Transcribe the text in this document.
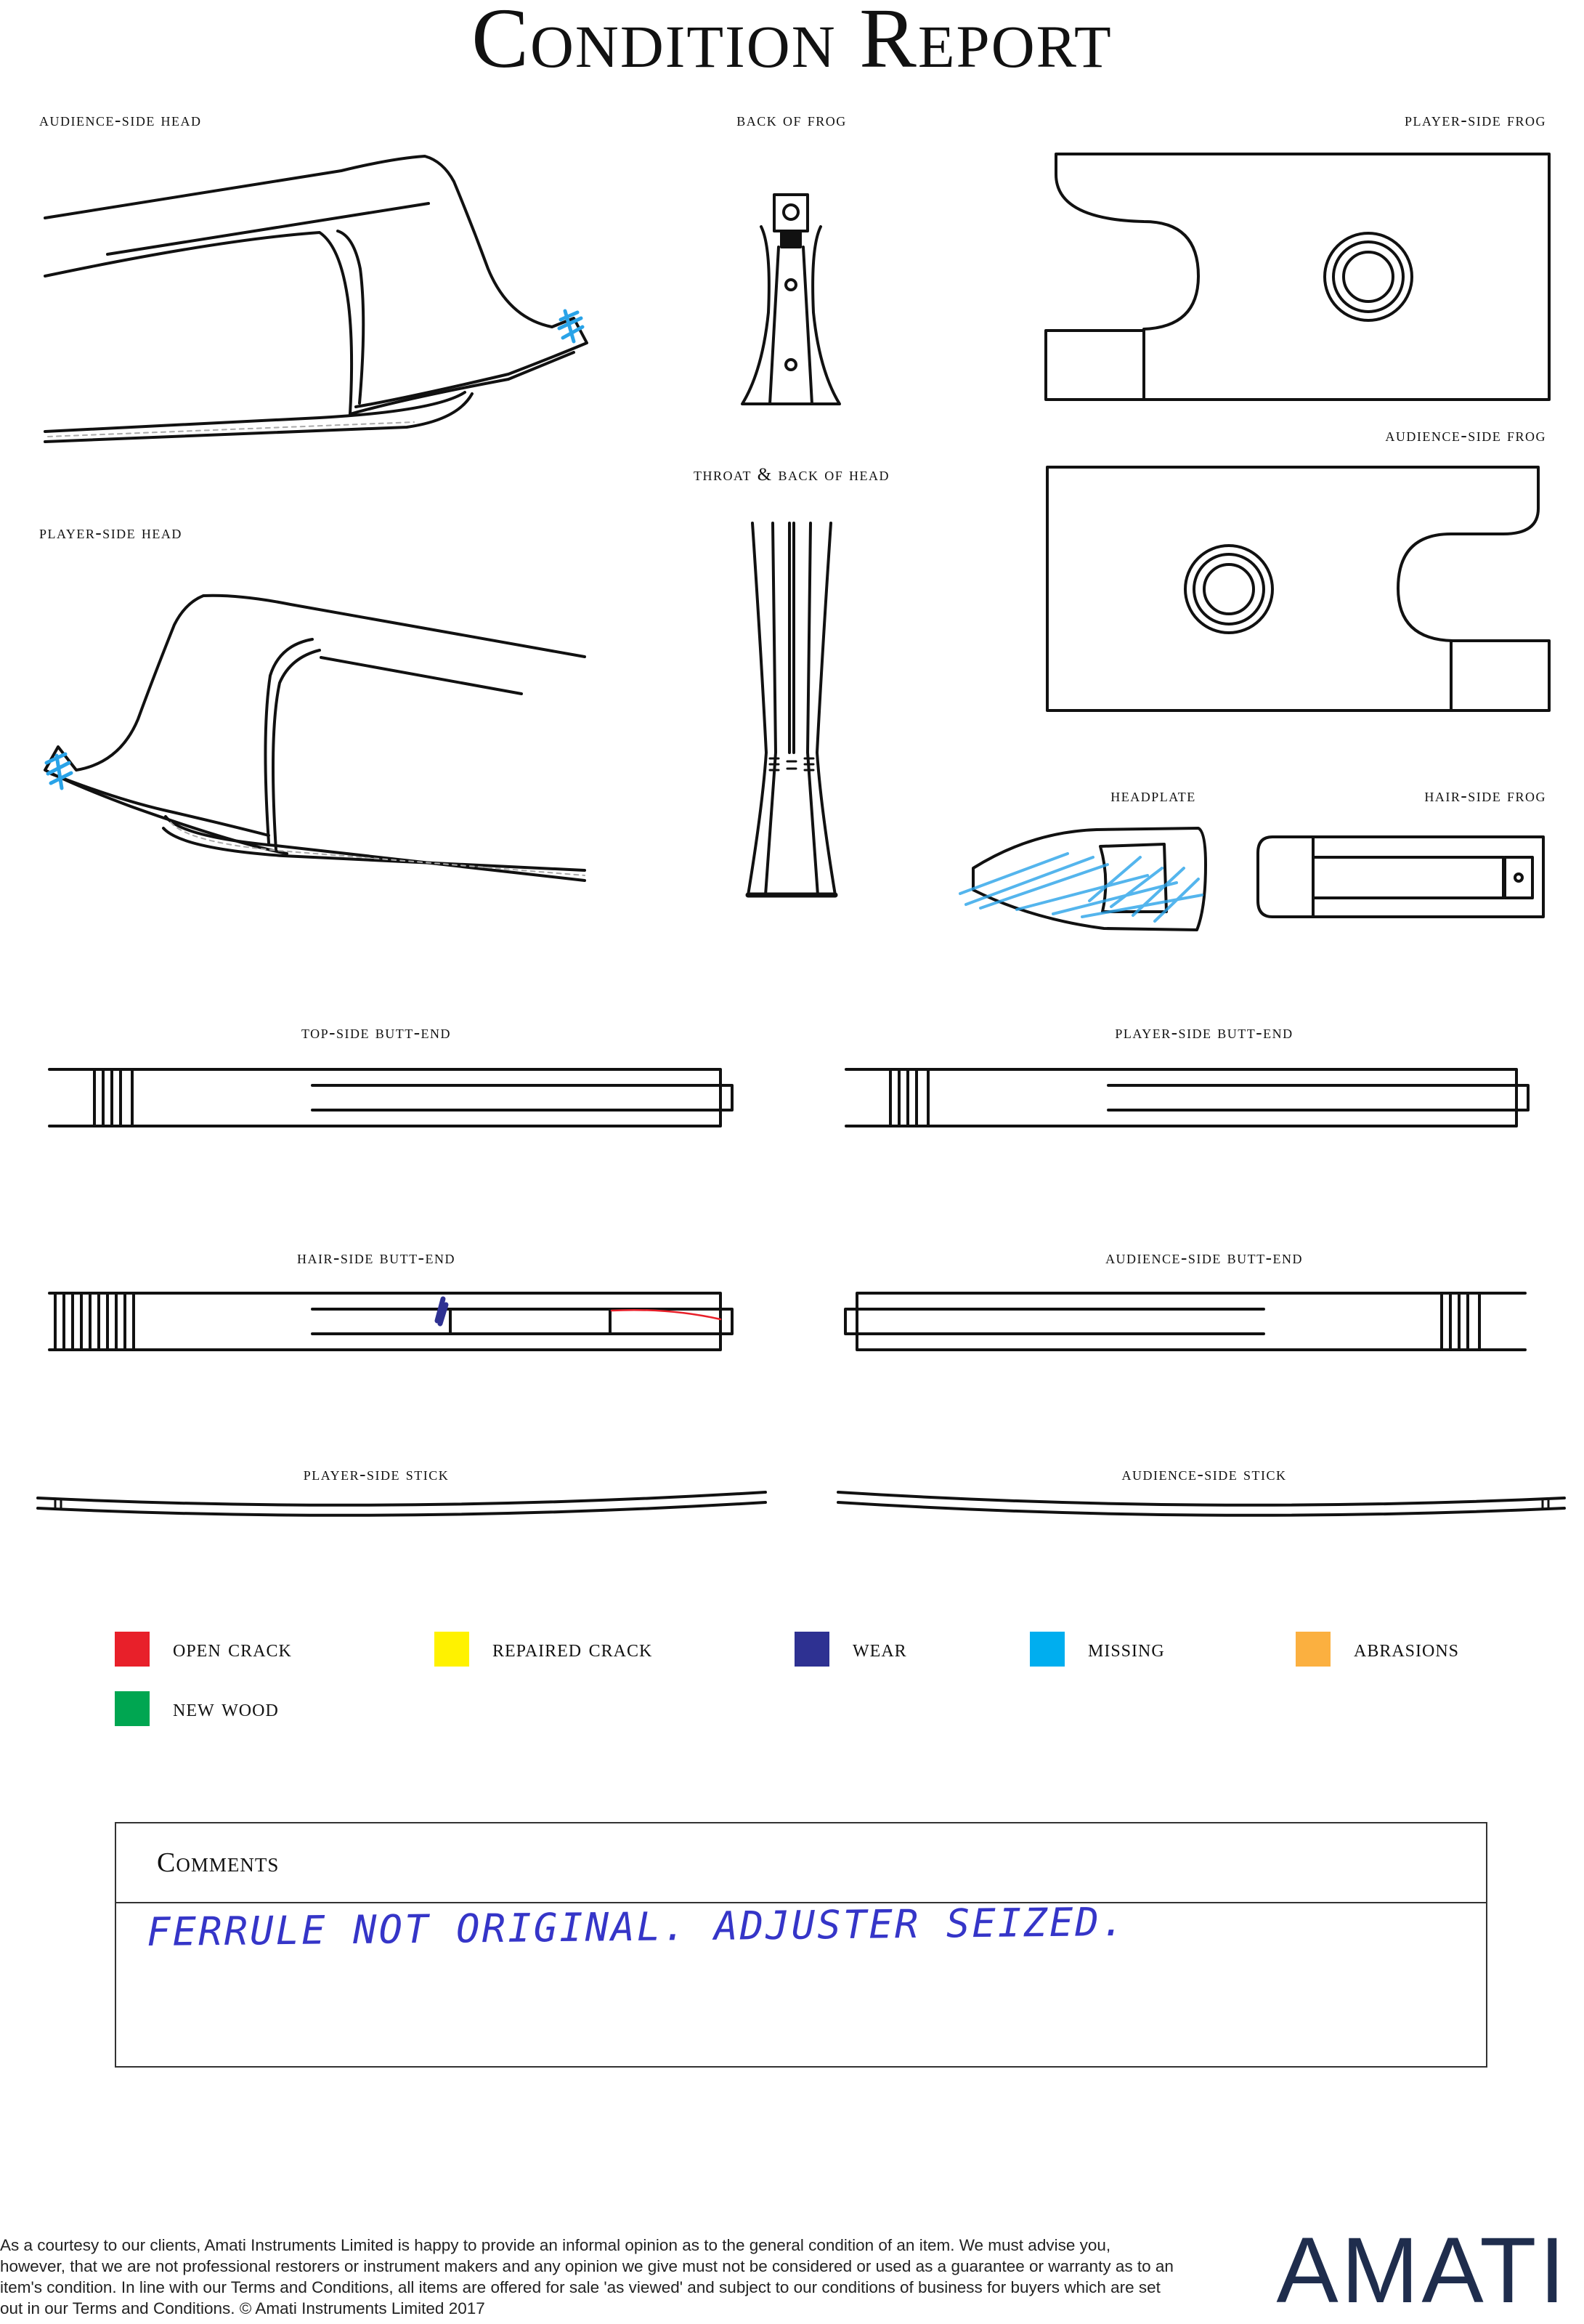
Condition Report
audience-side head	back of frog	player-side frog
audience-side frog
throat & back of head
player-side head
headplate	hair-side frog
top-side butt-end	player-side butt-end
hair-side butt-end	audience-side butt-end
player-side stick	audience-side stick
open crack	repaired crack	wear	missing	abrasions
new wood
Comments
FERRULE NOT ORIGINAL. ADJUSTER SEIZED.
As a courtesy to our clients, Amati Instruments Limited is happy to provide an informal opinion as to the general condition of an item. We must advise you, however, that we are not professional restorers or instrument makers and any opinion we give must not be considered or used as a guarantee or warranty as to an item's condition. In line with our Terms and Conditions, all items are offered for sale 'as viewed' and subject to our conditions of business for buyers which are set out in our Terms and Conditions. © Amati Instruments Limited 2017	AMATI
